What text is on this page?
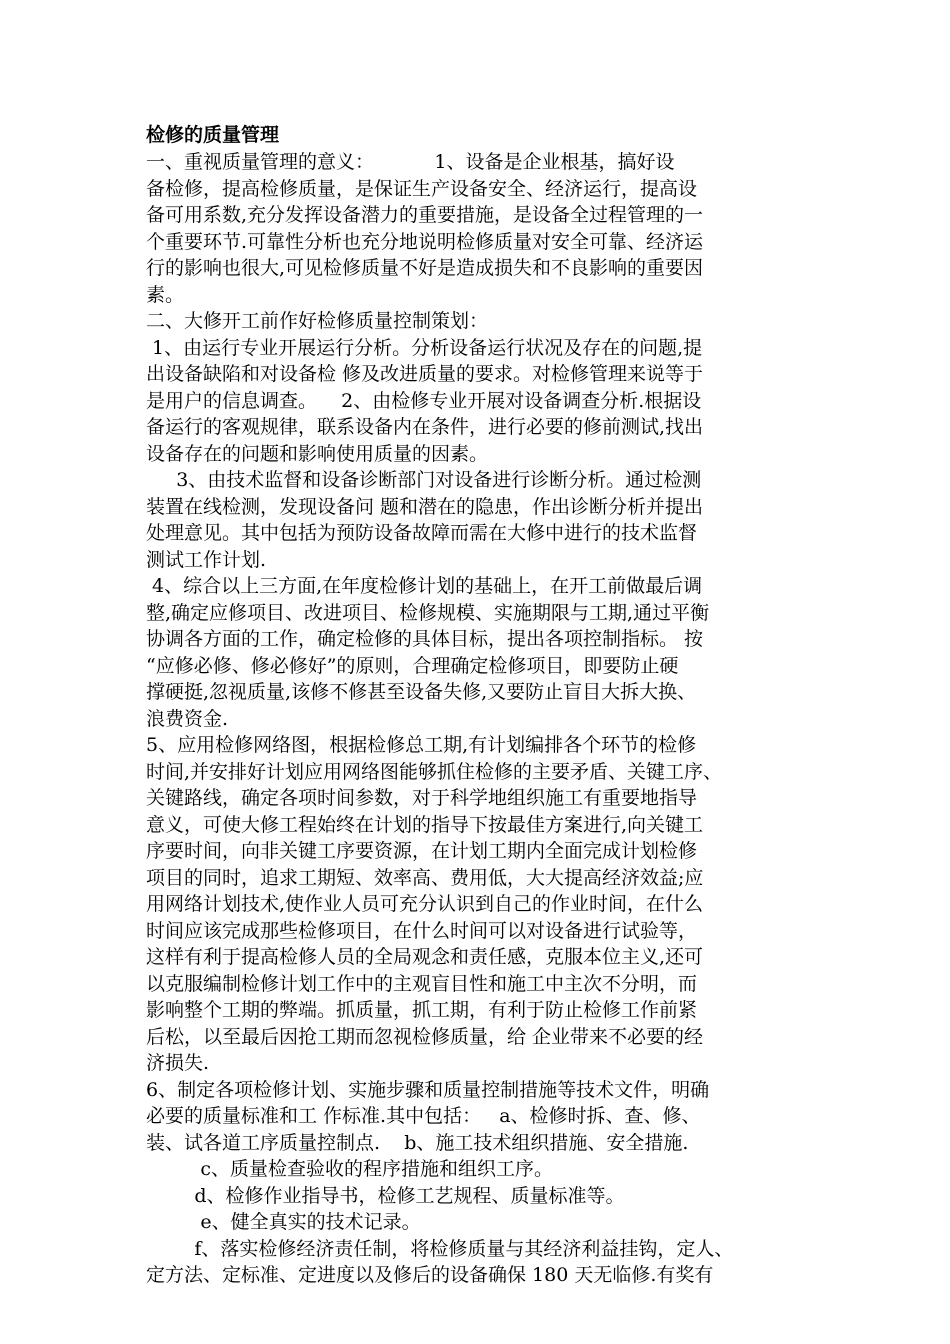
检修的质量管理
一、重视质量管理的意义：          1、设备是企业根基，搞好设
备检修，提高检修质量，是保证生产设备安全、经济运行，提高设
备可用系数,充分发挥设备潜力的重要措施，是设备全过程管理的一
个重要环节.可靠性分析也充分地说明检修质量对安全可靠、经济运
行的影响也很大,可见检修质量不好是造成损失和不良影响的重要因
素。
二、大修开工前作好检修质量控制策划：
1、由运行专业开展运行分析。分析设备运行状况及存在的问题,提
出设备缺陷和对设备检 修及改进质量的要求。对检修管理来说等于
是用户的信息调查。    2、由检修专业开展对设备调查分析.根据设
备运行的客观规律，联系设备内在条件，进行必要的修前测试,找出
设备存在的问题和影响使用质量的因素。
3、由技术监督和设备诊断部门对设备进行诊断分析。通过检测
装置在线检测，发现设备问 题和潜在的隐患，作出诊断分析并提出
处理意见。其中包括为预防设备故障而需在大修中进行的技术监督
测试工作计划.
4、综合以上三方面,在年度检修计划的基础上，在开工前做最后调
整,确定应修项目、改进项目、检修规模、实施期限与工期,通过平衡
协调各方面的工作，确定检修的具体目标，提出各项控制指标。 按
“应修必修、修必修好”的原则，合理确定检修项目，即要防止硬
撑硬挺,忽视质量,该修不修甚至设备失修,又要防止盲目大拆大换、
浪费资金.
5、应用检修网络图，根据检修总工期,有计划编排各个环节的检修
时间,并安排好计划应用网络图能够抓住检修的主要矛盾、关键工序、
关键路线，确定各项时间参数，对于科学地组织施工有重要地指导
意义，可使大修工程始终在计划的指导下按最佳方案进行,向关键工
序要时间，向非关键工序要资源，在计划工期内全面完成计划检修
项目的同时，追求工期短、效率高、费用低，大大提高经济效益;应
用网络计划技术,使作业人员可充分认识到自己的作业时间，在什么
时间应该完成那些检修项目，在什么时间可以对设备进行试验等，
这样有利于提高检修人员的全局观念和责任感，克服本位主义,还可
以克服编制检修计划工作中的主观盲目性和施工中主次不分明，而
影响整个工期的弊端。抓质量，抓工期，有利于防止检修工作前紧
后松，以至最后因抢工期而忽视检修质量，给 企业带来不必要的经
济损失.
6、制定各项检修计划、实施步骤和质量控制措施等技术文件，明确
必要的质量标准和工 作标准.其中包括：   a、检修时拆、查、修、
装、试各道工序质量控制点.    b、施工技术组织措施、安全措施.
c、质量检查验收的程序措施和组织工序。
d、检修作业指导书，检修工艺规程、质量标准等。
e、健全真实的技术记录。
f、落实检修经济责任制，将检修质量与其经济利益挂钩，定人、
定方法、定标准、定进度以及修后的设备确保 180 天无临修.有奖有
